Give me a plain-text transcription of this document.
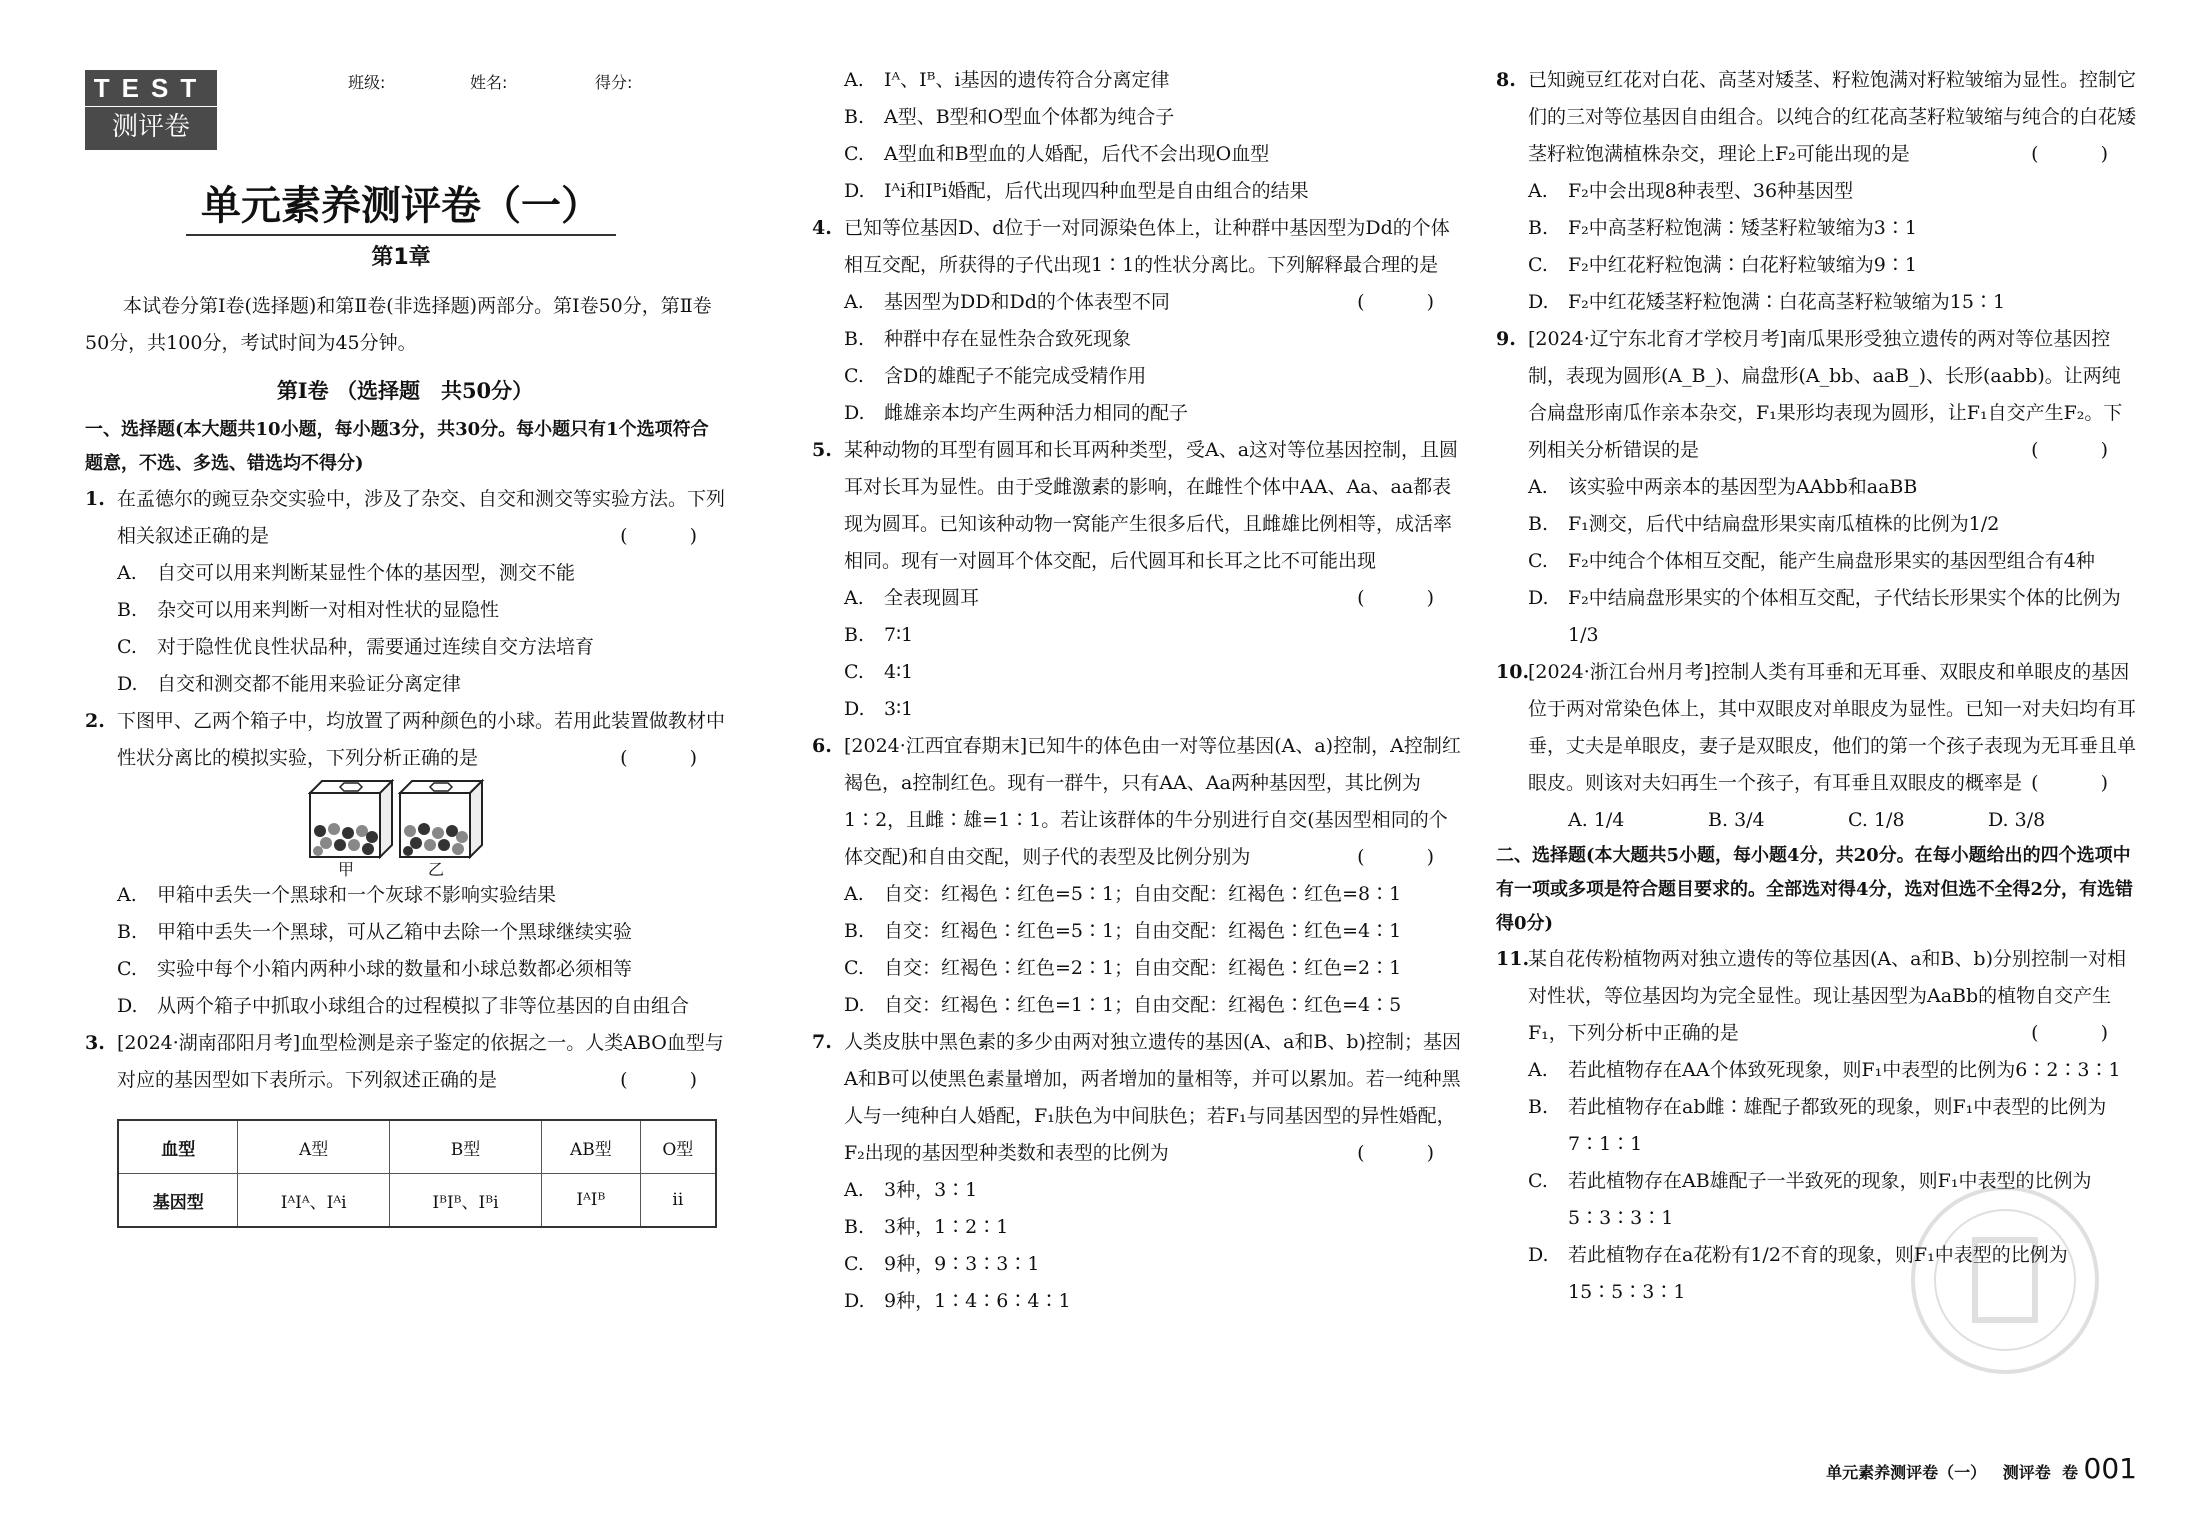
TEST
测评卷
班级:	姓名:	得分:
单元素养测评卷（一）
第1章

本试卷分第Ⅰ卷(选择题)和第Ⅱ卷(非选择题)两部分。第Ⅰ卷50分，第Ⅱ卷50分，共100分，考试时间为45分钟。

第Ⅰ卷 （选择题　共50分）

一、选择题(本大题共10小题，每小题3分，共30分。每小题只有1个选项符合题意，不选、多选、错选均不得分)

1. 在孟德尔的豌豆杂交实验中，涉及了杂交、自交和测交等实验方法。下列相关叙述正确的是	( )
A. 自交可以用来判断某显性个体的基因型，测交不能
B. 杂交可以用来判断一对相对性状的显隐性
C. 对于隐性优良性状品种，需要通过连续自交方法培育
D. 自交和测交都不能用来验证分离定律
2. 下图甲、乙两个箱子中，均放置了两种颜色的小球。若用此装置做教材中性状分离比的模拟实验，下列分析正确的是	( )
甲	乙
A. 甲箱中丢失一个黑球和一个灰球不影响实验结果
B. 甲箱中丢失一个黑球，可从乙箱中去除一个黑球继续实验
C. 实验中每个小箱内两种小球的数量和小球总数都必须相等
D. 从两个箱子中抓取小球组合的过程模拟了非等位基因的自由组合
3. [2024·湖南邵阳月考]血型检测是亲子鉴定的依据之一。人类ABO血型与对应的基因型如下表所示。下列叙述正确的是	( )
血型	A型	B型	AB型	O型
基因型	IᴬIᴬ、Iᴬi	IᴮIᴮ、Iᴮi	IᴬIᴮ	ii
A. Iᴬ、Iᴮ、i基因的遗传符合分离定律
B. A型、B型和O型血个体都为纯合子
C. A型血和B型血的人婚配，后代不会出现O血型
D. Iᴬi和Iᴮi婚配，后代出现四种血型是自由组合的结果
4. 已知等位基因D、d位于一对同源染色体上，让种群中基因型为Dd的个体相互交配，所获得的子代出现1∶1的性状分离比。下列解释最合理的是
( )
A. 基因型为DD和Dd的个体表型不同
B. 种群中存在显性杂合致死现象
C. 含D的雄配子不能完成受精作用
D. 雌雄亲本均产生两种活力相同的配子
5. 某种动物的耳型有圆耳和长耳两种类型，受A、a这对等位基因控制，且圆耳对长耳为显性。由于受雌激素的影响，在雌性个体中AA、Aa、aa都表现为圆耳。已知该种动物一窝能产生很多后代，且雌雄比例相等，成活率相同。现有一对圆耳个体交配，后代圆耳和长耳之比不可能出现
( )
A. 全表现圆耳
B. 7∶1
C. 4∶1
D. 3∶1
6. [2024·江西宜春期末]已知牛的体色由一对等位基因(A、a)控制，A控制红褐色，a控制红色。现有一群牛，只有AA、Aa两种基因型，其比例为1∶2，且雌∶雄=1∶1。若让该群体的牛分别进行自交(基因型相同的个体交配)和自由交配，则子代的表型及比例分别为	( )
A. 自交：红褐色∶红色=5∶1；自由交配：红褐色∶红色=8∶1
B. 自交：红褐色∶红色=5∶1；自由交配：红褐色∶红色=4∶1
C. 自交：红褐色∶红色=2∶1；自由交配：红褐色∶红色=2∶1
D. 自交：红褐色∶红色=1∶1；自由交配：红褐色∶红色=4∶5
7. 人类皮肤中黑色素的多少由两对独立遗传的基因(A、a和B、b)控制；基因A和B可以使黑色素量增加，两者增加的量相等，并可以累加。若一纯种黑人与一纯种白人婚配，F₁肤色为中间肤色；若F₁与同基因型的异性婚配，F₂出现的基因型种类数和表型的比例为	( )
A. 3种，3∶1
B. 3种，1∶2∶1
C. 9种，9∶3∶3∶1
D. 9种，1∶4∶6∶4∶1
8. 已知豌豆红花对白花、高茎对矮茎、籽粒饱满对籽粒皱缩为显性。控制它们的三对等位基因自由组合。以纯合的红花高茎籽粒皱缩与纯合的白花矮茎籽粒饱满植株杂交，理论上F₂可能出现的是	( )
A. F₂中会出现8种表型、36种基因型
B. F₂中高茎籽粒饱满∶矮茎籽粒皱缩为3∶1
C. F₂中红花籽粒饱满∶白花籽粒皱缩为9∶1
D. F₂中红花矮茎籽粒饱满∶白花高茎籽粒皱缩为15∶1
9. [2024·辽宁东北育才学校月考]南瓜果形受独立遗传的两对等位基因控制，表现为圆形(A_B_)、扁盘形(A_bb、aaB_)、长形(aabb)。让两纯合扁盘形南瓜作亲本杂交，F₁果形均表现为圆形，让F₁自交产生F₂。下列相关分析错误的是	( )
A. 该实验中两亲本的基因型为AAbb和aaBB
B. F₁测交，后代中结扁盘形果实南瓜植株的比例为1/2
C. F₂中纯合个体相互交配，能产生扁盘形果实的基因型组合有4种
D. F₂中结扁盘形果实的个体相互交配，子代结长形果实个体的比例为1/3
10.
[2024·浙江台州月考]控制人类有耳垂和无耳垂、双眼皮和单眼皮的基因位于两对常染色体上，其中双眼皮对单眼皮为显性。已知一对夫妇均有耳垂，丈夫是单眼皮，妻子是双眼皮，他们的第一个孩子表现为无耳垂且单眼皮。则该对夫妇再生一个孩子，有耳垂且双眼皮的概率是 ( )
A. 1/4	B. 3/4	C. 1/8	D. 3/8

二、选择题(本大题共5小题，每小题4分，共20分。在每小题给出的四个选项中有一项或多项是符合题目要求的。全部选对得4分，选对但选不全得2分，有选错得0分)

11.
某自花传粉植物两对独立遗传的等位基因(A、a和B、b)分别控制一对相对性状，等位基因均为完全显性。现让基因型为AaBb的植物自交产生F₁，下列分析中正确的是	( )
A. 若此植物存在AA个体致死现象，则F₁中表型的比例为6∶2∶3∶1
B. 若此植物存在ab雌∶雄配子都致死的现象，则F₁中表型的比例为7∶1∶1
C. 若此植物存在AB雄配子一半致死的现象，则F₁中表型的比例为5∶3∶3∶1
D. 若此植物存在a花粉有1/2不育的现象，则F₁中表型的比例为15∶5∶3∶1
单元素养测评卷（一） 测评卷 卷 001
